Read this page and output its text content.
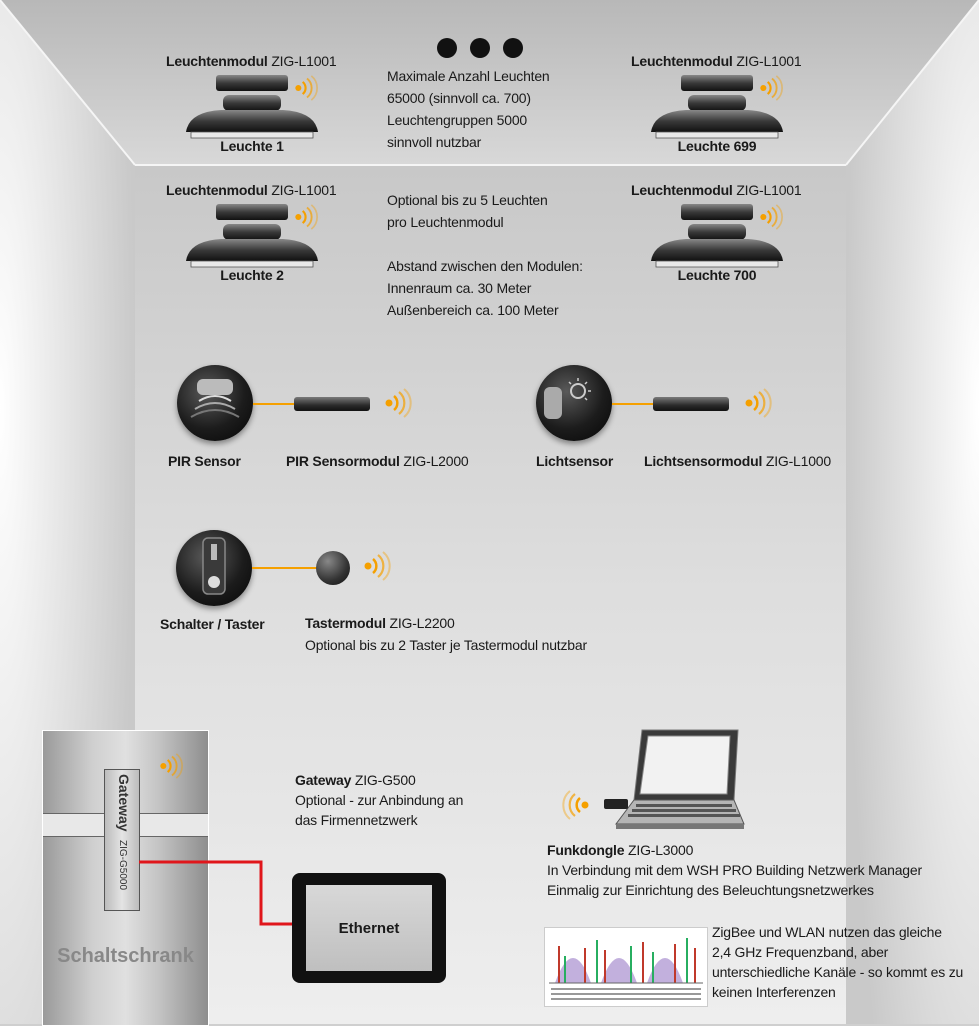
Leuchtenmodul ZIG-L1001
Leuchte 1
Leuchtenmodul ZIG-L1001
Leuchte 699
Maximale Anzahl Leuchten
65000 (sinnvoll ca. 700)
Leuchtengruppen 5000
sinnvoll nutzbar
Leuchtenmodul ZIG-L1001
Leuchte 2
Leuchtenmodul ZIG-L1001
Leuchte 700
Optional bis zu 5 Leuchten
pro Leuchtenmodul
Abstand zwischen den Modulen:
Innenraum ca. 30 Meter
Außenbereich ca. 100 Meter
PIR Sensor	PIR Sensormodul ZIG-L2000	Lichtsensor Lichtsensormodul ZIG-L1000
Schalter / Taster	Tastermodul ZIG-L2200
Optional bis zu 2 Taster je Tastermodul nutzbar
Gateway
ZIG-G5000
Schaltschrank
Ethernet
Gateway ZIG-G500
Optional - zur Anbindung an
das Firmennetzwerk
Funkdongle ZIG-L3000
In Verbindung mit dem WSH PRO Building Netzwerk Manager
Einmalig zur Einrichtung des Beleuchtungsnetzwerkes
ZigBee und WLAN nutzen das gleiche
2,4 GHz Frequenzband, aber
unterschiedliche Kanäle - so kommt es zu
keinen Interferenzen
